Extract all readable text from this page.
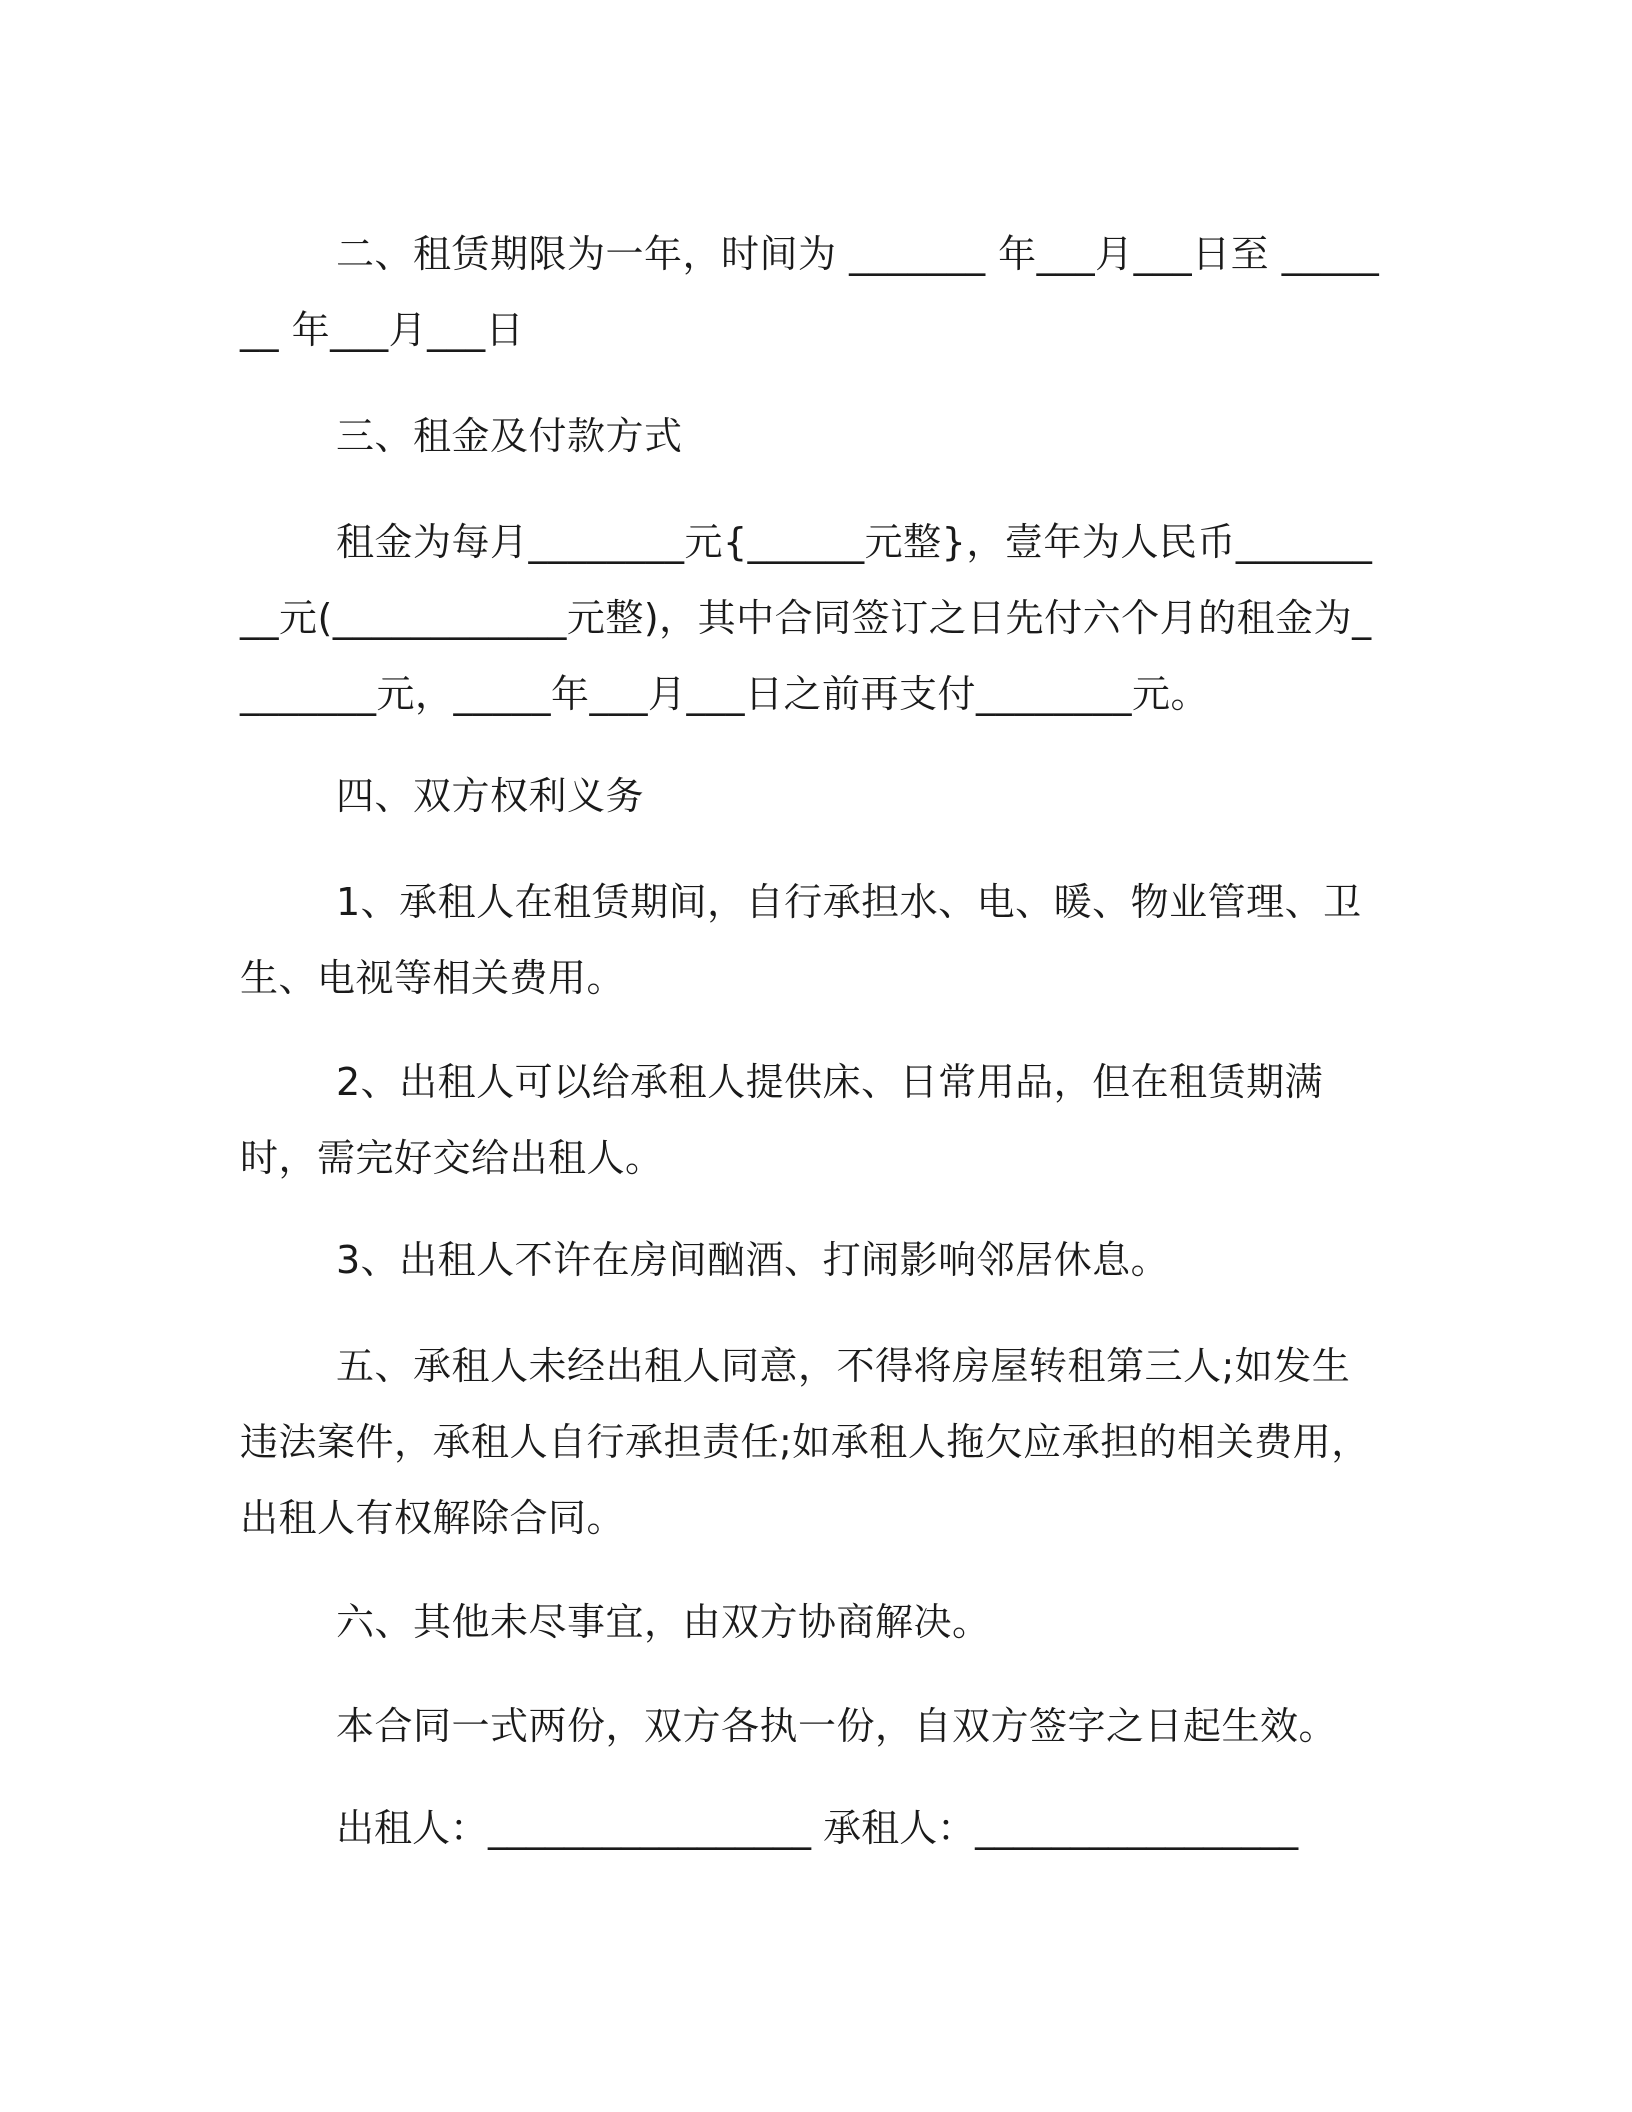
二、租赁期限为一年，时间为 _______ 年___月___日至 _______ 年___月___日

三、租金及付款方式

租金为每月________元{______元整}，壹年为人民币_________元(____________元整)，其中合同签订之日先付六个月的租金为________元，_____年___月___日之前再支付________元。

四、双方权利义务

1、承租人在租赁期间，自行承担水、电、暖、物业管理、卫生、电视等相关费用。

2、出租人可以给承租人提供床、日常用品，但在租赁期满时，需完好交给出租人。

3、出租人不许在房间酗酒、打闹影响邻居休息。

五、承租人未经出租人同意，不得将房屋转租第三人;如发生违法案件，承租人自行承担责任;如承租人拖欠应承担的相关费用，出租人有权解除合同。

六、其他未尽事宜，由双方协商解决。

本合同一式两份，双方各执一份，自双方签字之日起生效。

出租人：_________________ 承租人：_________________
